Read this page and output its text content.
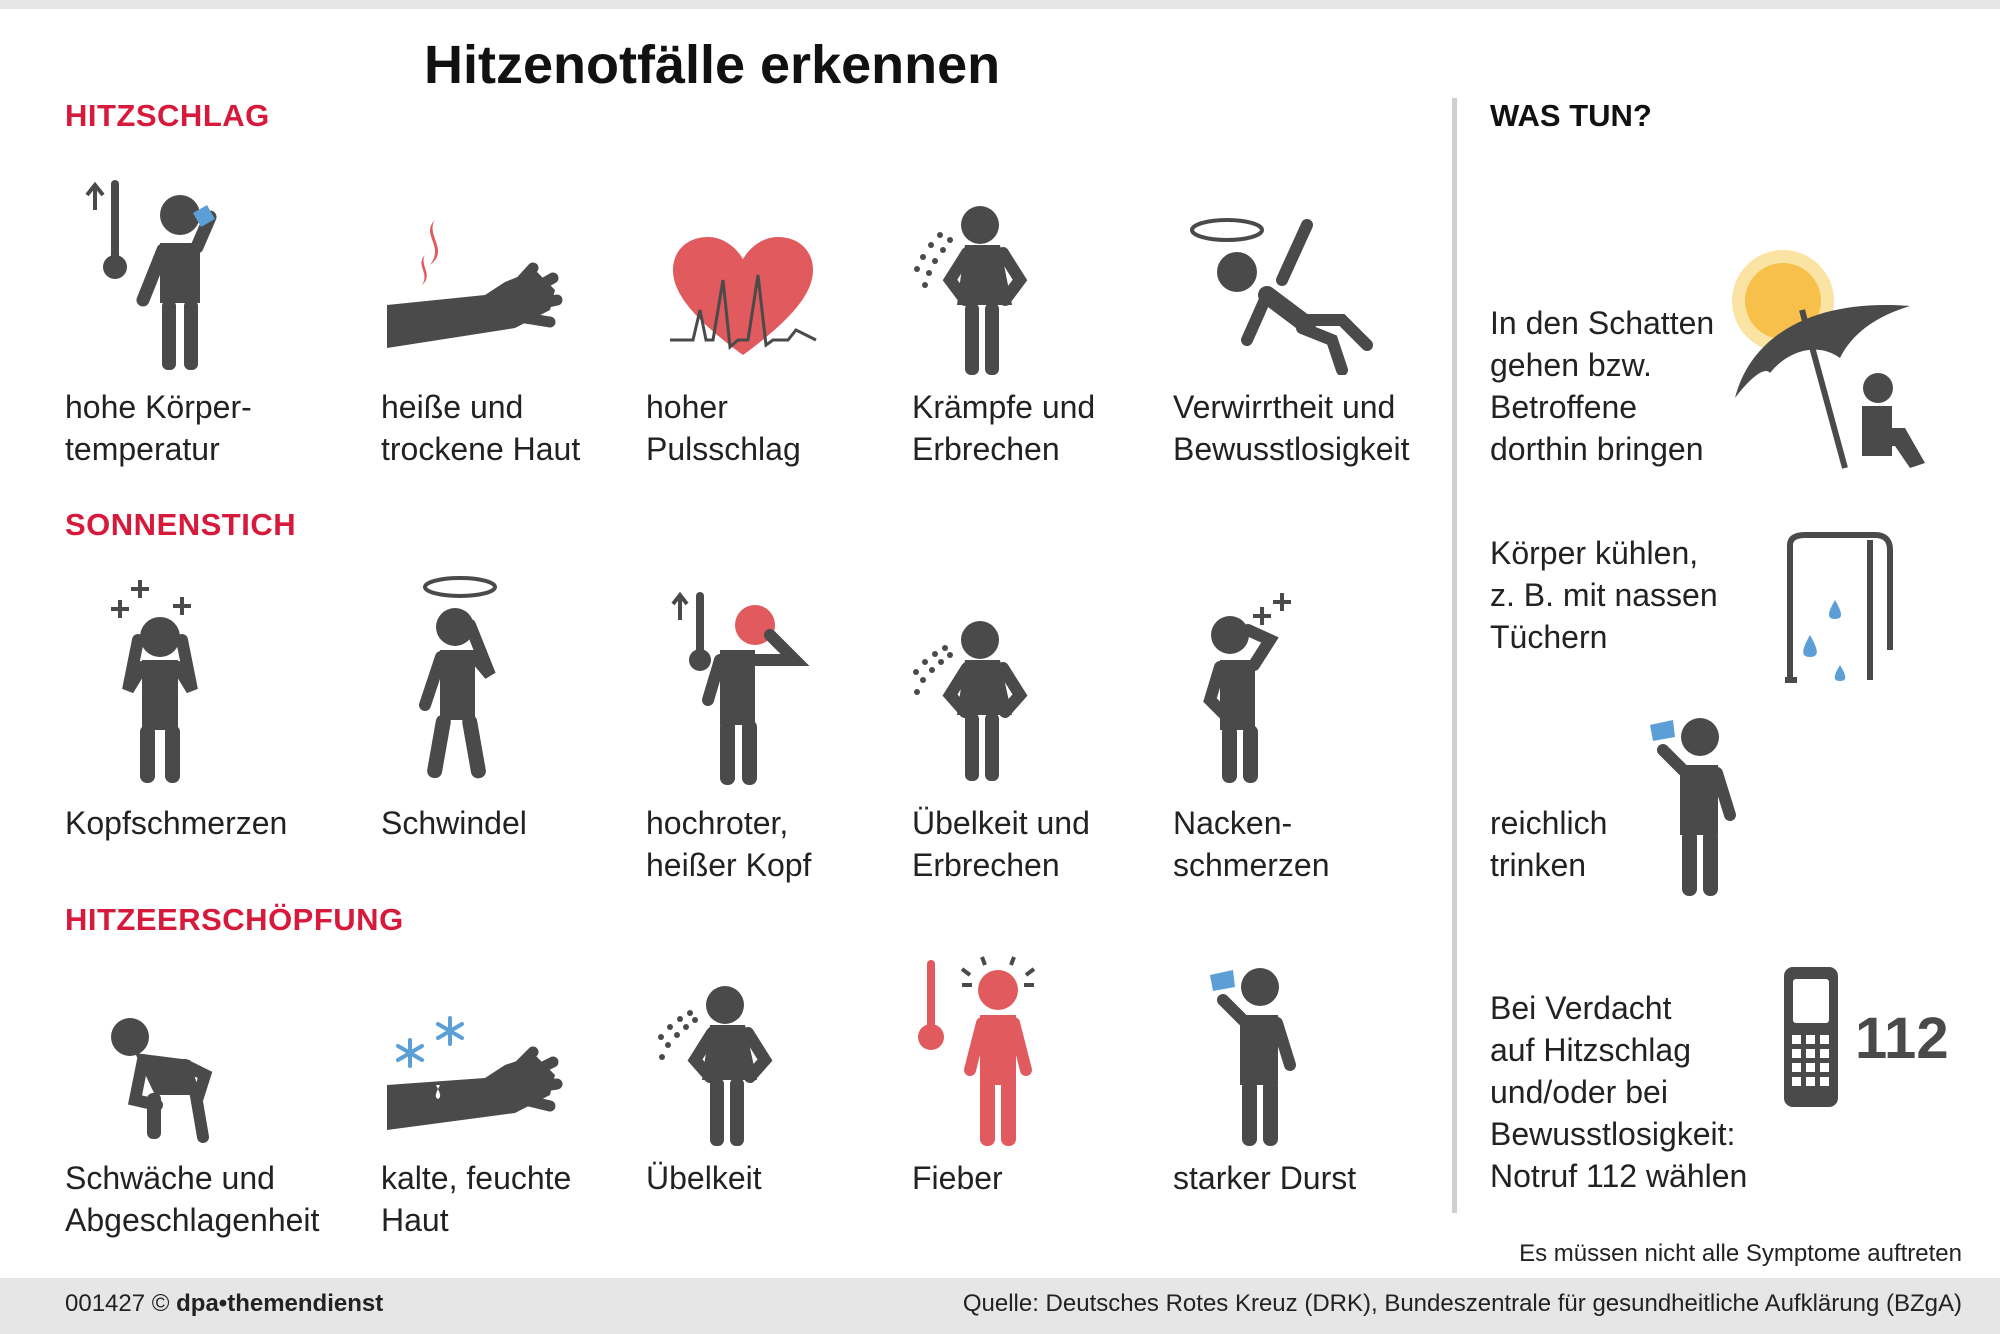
Hitzenotfälle erkennen
HITZSCHLAG
SONNENSTICH
HITZEERSCHÖPFUNG
hohe Körper-
temperatur
heiße und
trockene Haut
hoher
Pulsschlag
Krämpfe und
Erbrechen
Verwirrtheit und
Bewusstlosigkeit
Kopfschmerzen	Schwindel	hochroter,
heißer Kopf
Übelkeit und
Erbrechen
Nacken-
schmerzen
Schwäche und
Abgeschlagenheit
kalte, feuchte
Haut
Übelkeit	Fieber	starker Durst
WAS TUN?
In den Schatten
gehen bzw.
Betroffene
dorthin bringen
Körper kühlen,
z. B. mit nassen
Tüchern
reichlich
trinken
Bei Verdacht
auf Hitzschlag
und/oder bei
Bewusstlosigkeit:
Notruf 112 wählen
112
Es müssen nicht alle Symptome auftreten
001427 © dpa•themendienst	Quelle: Deutsches Rotes Kreuz (DRK), Bundeszentrale für gesundheitliche Aufklärung (BZgA)
